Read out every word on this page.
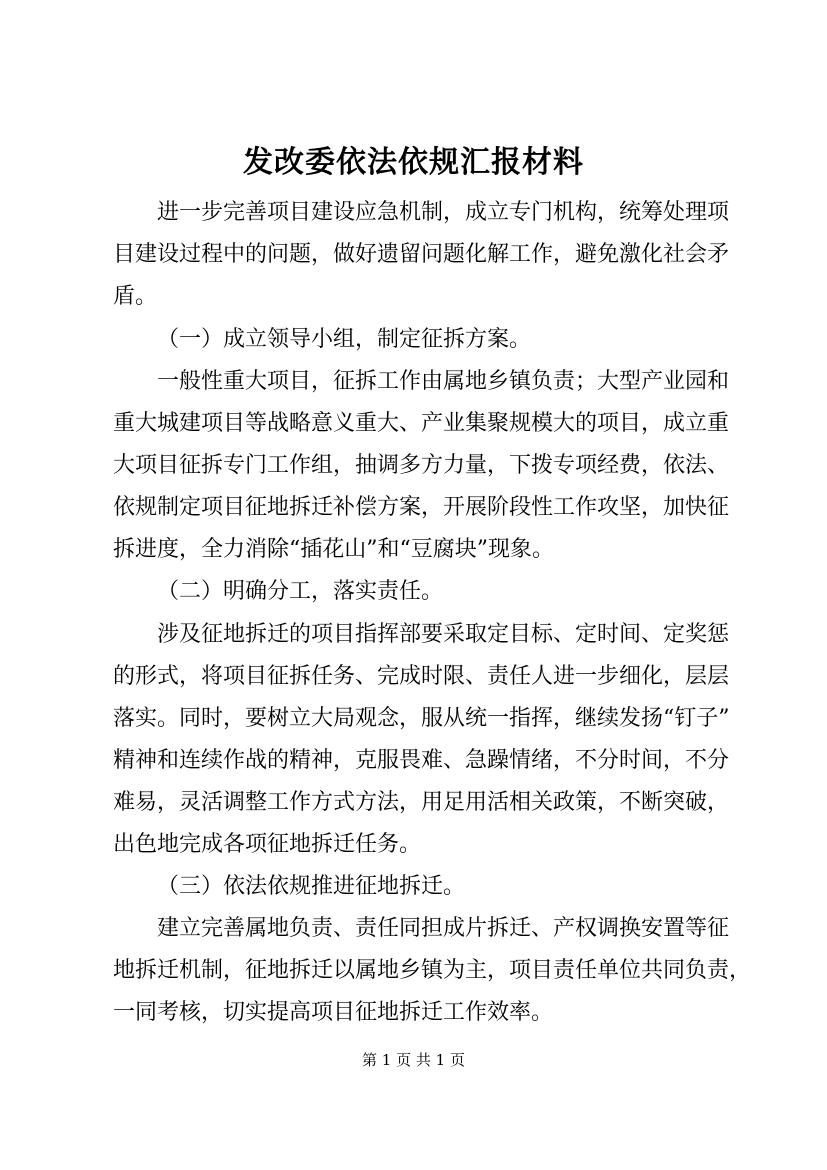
发改委依法依规汇报材料
进一步完善项目建设应急机制，成立专门机构，统筹处理项
目建设过程中的问题，做好遗留问题化解工作，避免激化社会矛
盾。
（一）成立领导小组，制定征拆方案。
一般性重大项目，征拆工作由属地乡镇负责；大型产业园和
重大城建项目等战略意义重大、产业集聚规模大的项目，成立重
大项目征拆专门工作组，抽调多方力量，下拨专项经费，依法、
依规制定项目征地拆迁补偿方案，开展阶段性工作攻坚，加快征
拆进度，全力消除“插花山”和“豆腐块”现象。
（二）明确分工，落实责任。
涉及征地拆迁的项目指挥部要采取定目标、定时间、定奖惩
的形式，将项目征拆任务、完成时限、责任人进一步细化，层层
落实。同时，要树立大局观念，服从统一指挥，继续发扬“钉子”
精神和连续作战的精神，克服畏难、急躁情绪，不分时间，不分
难易，灵活调整工作方式方法，用足用活相关政策，不断突破，
出色地完成各项征地拆迁任务。
（三）依法依规推进征地拆迁。
建立完善属地负责、责任同担成片拆迁、产权调换安置等征
地拆迁机制，征地拆迁以属地乡镇为主，项目责任单位共同负责，
一同考核，切实提高项目征地拆迁工作效率。
第 1 页 共 1 页
